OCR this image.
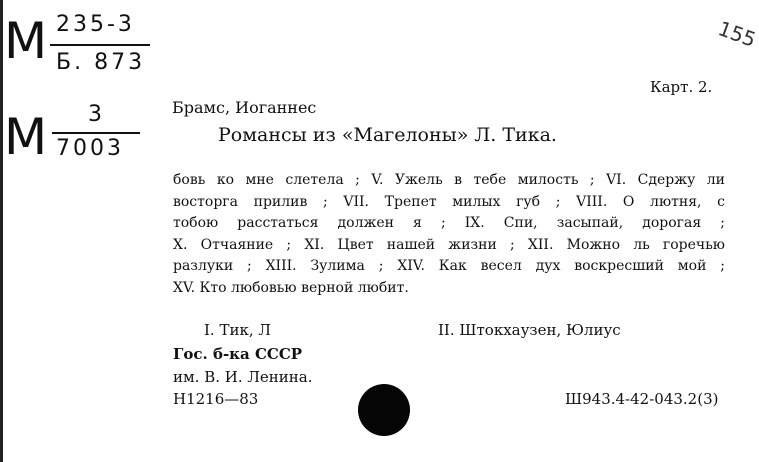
М 235-3
Б. 873
М 3
7003
155
Карт. 2.
Брамс, Иоганнес
Романсы из «Магелоны» Л. Тика.
бовь ко мне слетела ; V. Ужель в тебе милость ; VI. Сдержу ли
восторга прилив ; VII. Трепет милых губ ; VIII. О лютня, с
тобою расстаться должен я ; IX. Спи, засыпай, дорогая ;
X. Отчаяние ; XI. Цвет нашей жизни ; XII. Можно ль горечью
разлуки ; XIII. Зулима ; XIV. Как весел дух воскресший мой ;
XV. Кто любовью верной любит.
I. Тик, Л	II. Штокхаузен, Юлиус
Гос. б-ка СССР
им. В. И. Ленина.
Н1216—83	Ш943.4-42-043.2(3)
